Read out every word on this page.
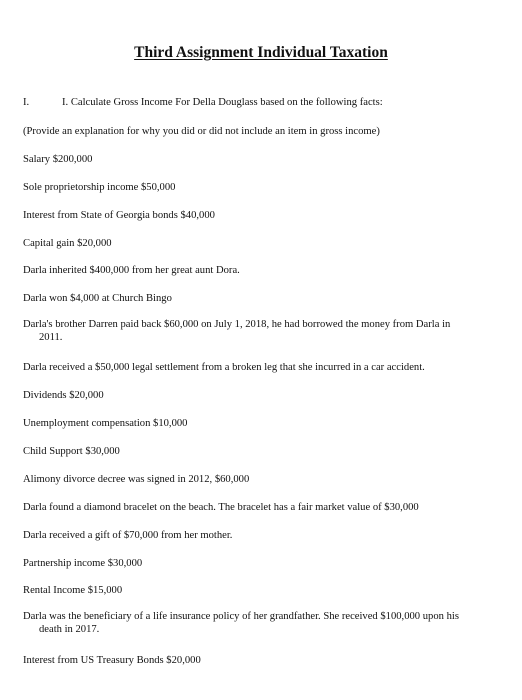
Third Assignment Individual Taxation
I.	I. Calculate Gross Income For Della Douglass based on the following facts:
(Provide an explanation for why you did or did not include an item in gross income)
Salary $200,000
Sole proprietorship income $50,000
Interest from State of Georgia bonds $40,000
Capital gain $20,000
Darla inherited $400,000 from her great aunt Dora.
Darla won $4,000 at Church Bingo
Darla's brother Darren paid back $60,000 on July 1, 2018, he had borrowed the money from Darla in
2011.
Darla received a $50,000 legal settlement from a broken leg that she incurred in a car accident.
Dividends $20,000
Unemployment compensation $10,000
Child Support $30,000
Alimony divorce decree was signed in 2012, $60,000
Darla found a diamond bracelet on the beach. The bracelet has a fair market value of $30,000
Darla received a gift of $70,000 from her mother.
Partnership income $30,000
Rental Income $15,000
Darla was the beneficiary of a life insurance policy of her grandfather. She received $100,000 upon his
death in 2017.
Interest from US Treasury Bonds $20,000
